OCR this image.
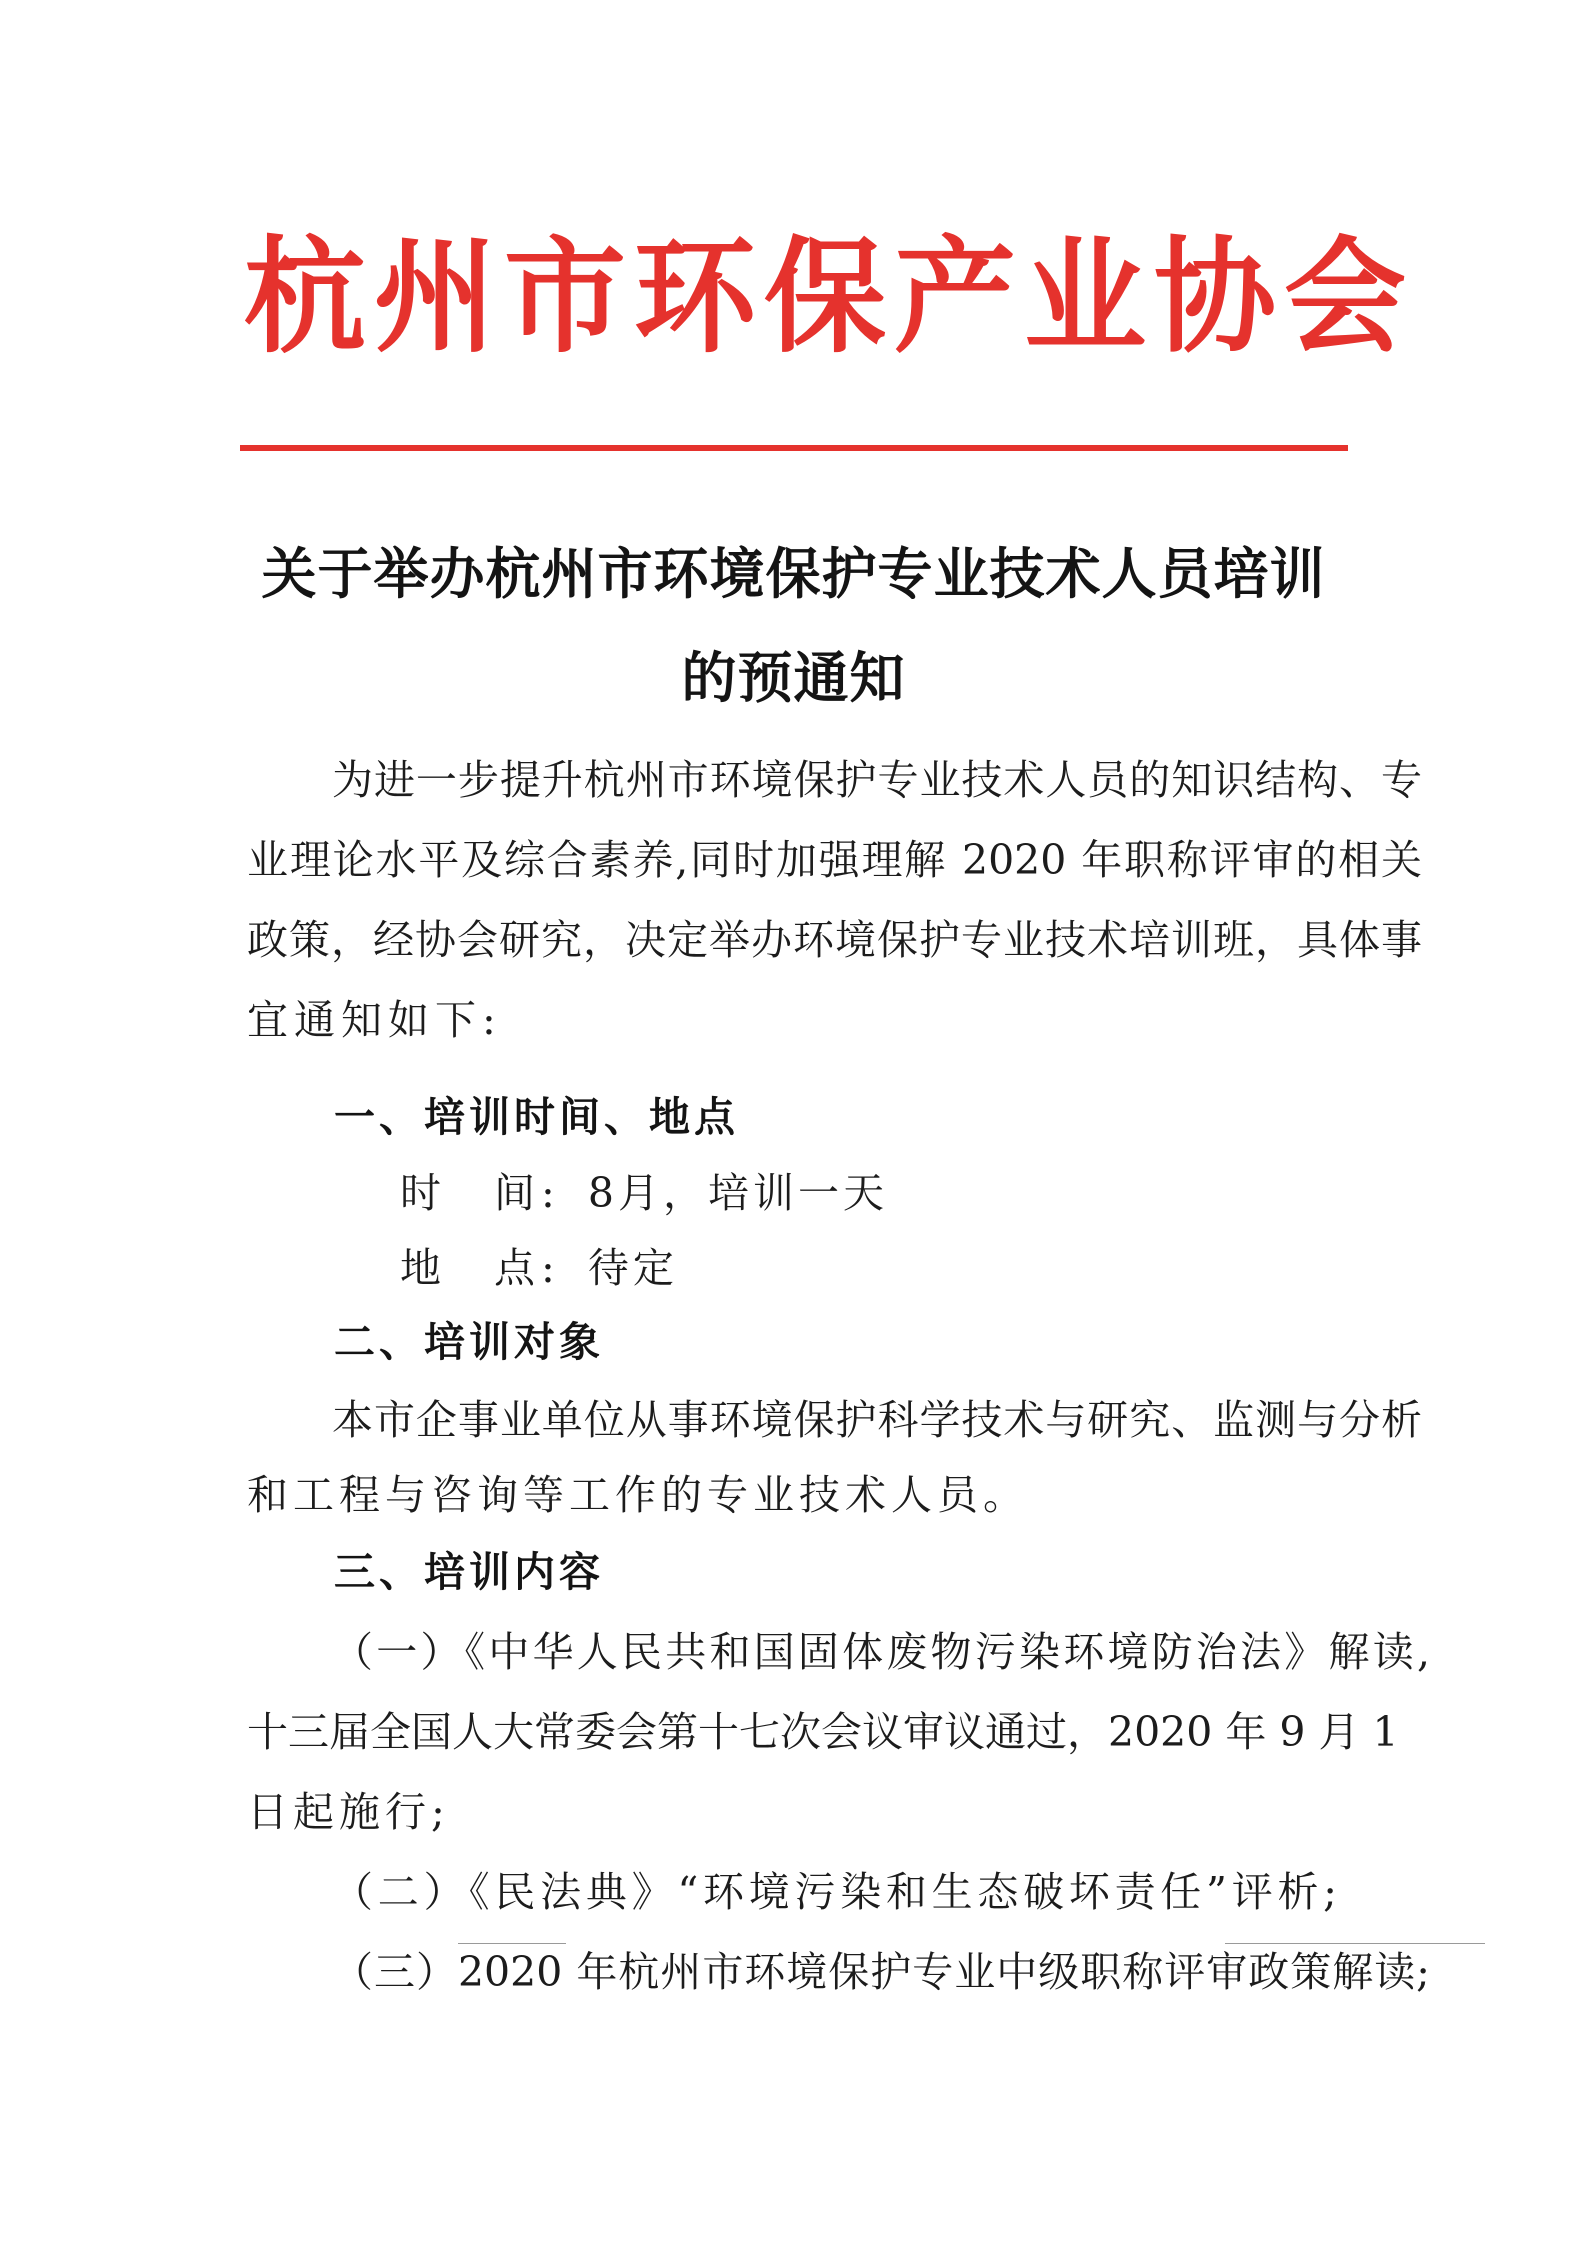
杭 州 市 环 保 产 业 协 会
关于举办杭州市环境保护专业技术人员培训
的预通知
为进一步提升杭州市环境保护专业技术人员的知识结构、专
业理论水平及综合素养,同时加强理解 2020 年职称评审的相关
政策，经协会研究，决定举办环境保护专业技术培训班，具体事
宜通知如下:
一、培训时间、地点
时　间: 8月，培训一天
地　点: 待定
二、培训对象
本市企事业单位从事环境保护科学技术与研究、监测与分析
和工程与咨询等工作的专业技术人员。
三、培训内容
（一）《中华人民共和国固体废物污染环境防治法》解读,
十三届全国人大常委会第十七次会议审议通过，2020 年 9 月 1
日起施行;
（二）《民法典》“环境污染和生态破坏责任”评析;
（三）2020 年杭州市环境保护专业中级职称评审政策解读;
